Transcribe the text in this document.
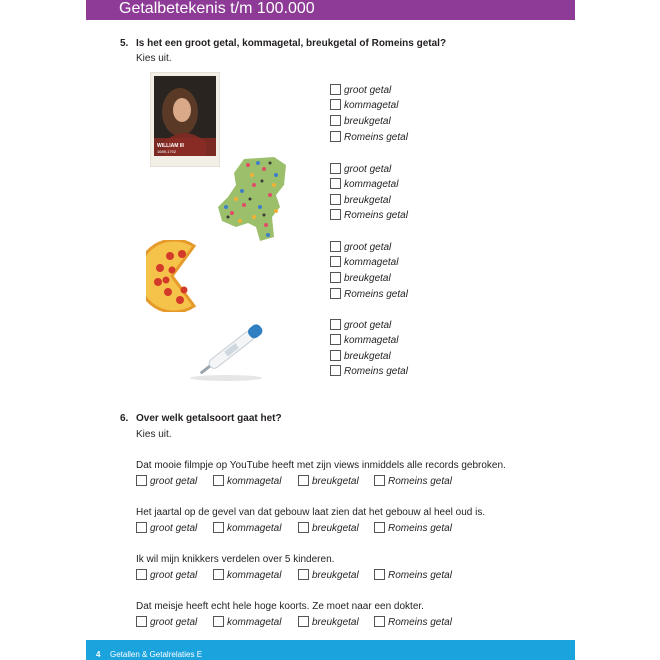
Getalbetekenis t/m 100.000
5. Is het een groot getal, kommagetal, breukgetal of Romeins getal?
Kies uit.
WILLIAM III
1689-1702
groot getal
kommagetal
breukgetal
Romeins getal
groot getal
kommagetal
breukgetal
Romeins getal
groot getal
kommagetal
breukgetal
Romeins getal
groot getal
kommagetal
breukgetal
Romeins getal
6. Over welk getalsoort gaat het?
Kies uit.
Dat mooie filmpje op YouTube heeft met zijn views inmiddels alle records gebroken.
groot getal	kommagetal	breukgetal	Romeins getal
Het jaartal op de gevel van dat gebouw laat zien dat het gebouw al heel oud is.
groot getal	kommagetal	breukgetal	Romeins getal
Ik wil mijn knikkers verdelen over 5 kinderen.
groot getal	kommagetal	breukgetal	Romeins getal
Dat meisje heeft echt hele hoge koorts. Ze moet naar een dokter.
groot getal	kommagetal	breukgetal	Romeins getal
4 Getallen & Getalrelaties E
